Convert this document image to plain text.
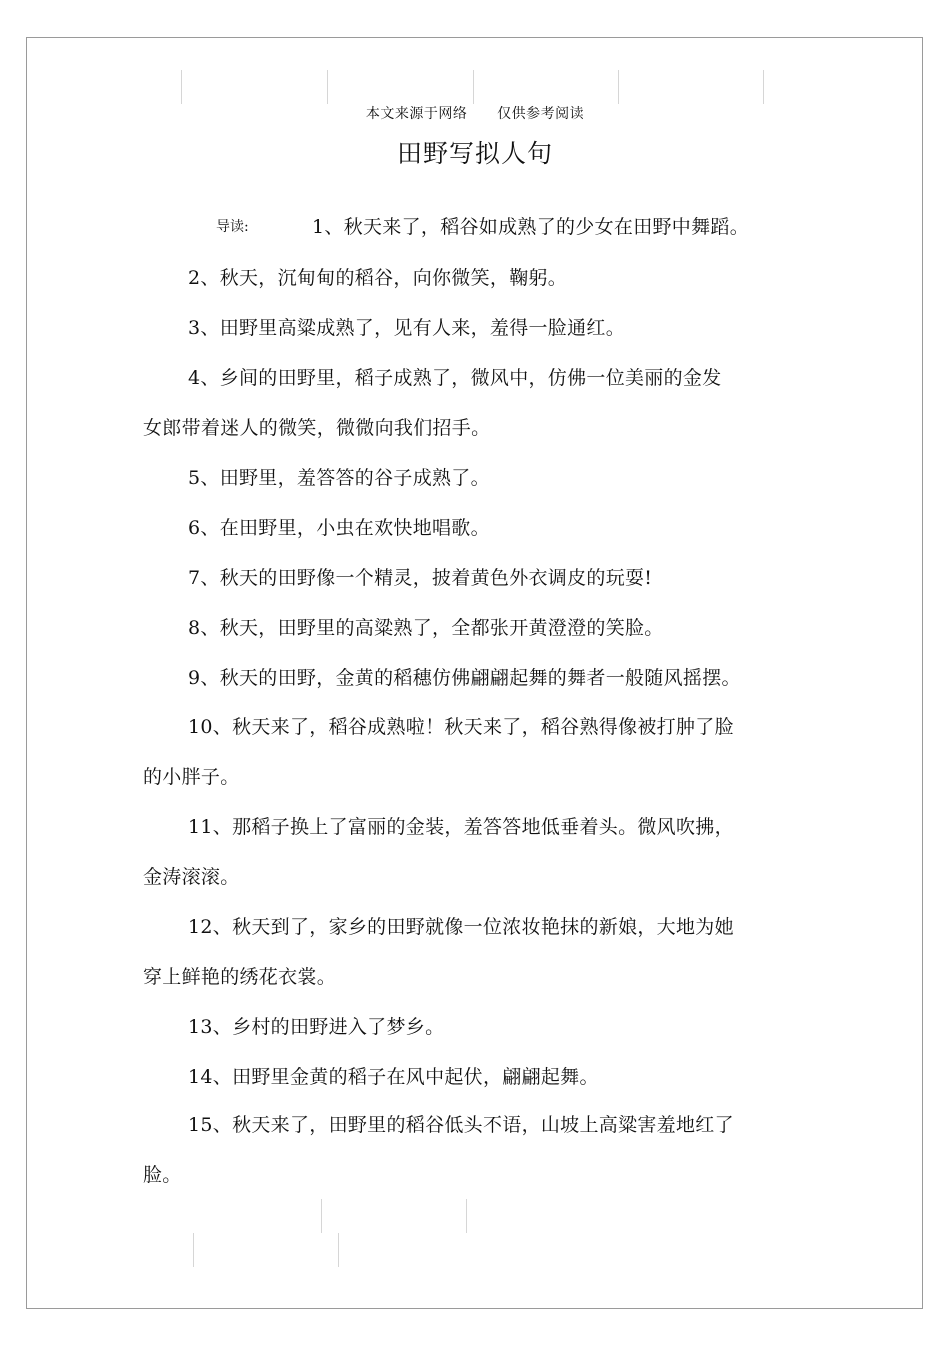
本文来源于网络      仅供参考阅读
田野写拟人句
导读:	1、秋天来了，稻谷如成熟了的少女在田野中舞蹈。
2、秋天，沉甸甸的稻谷，向你微笑，鞠躬。
3、田野里高粱成熟了，见有人来，羞得一脸通红。
4、乡间的田野里，稻子成熟了，微风中，仿佛一位美丽的金发
女郎带着迷人的微笑，微微向我们招手。
5、田野里，羞答答的谷子成熟了。
6、在田野里，小虫在欢快地唱歌。
7、秋天的田野像一个精灵，披着黄色外衣调皮的玩耍!
8、秋天，田野里的高粱熟了，全都张开黄澄澄的笑脸。
9、秋天的田野，金黄的稻穗仿佛翩翩起舞的舞者一般随风摇摆。
10、秋天来了，稻谷成熟啦！秋天来了，稻谷熟得像被打肿了脸
的小胖子。
11、那稻子换上了富丽的金装，羞答答地低垂着头。微风吹拂，
金涛滚滚。
12、秋天到了，家乡的田野就像一位浓妆艳抹的新娘，大地为她
穿上鲜艳的绣花衣裳。
13、乡村的田野进入了梦乡。
14、田野里金黄的稻子在风中起伏，翩翩起舞。
15、秋天来了，田野里的稻谷低头不语，山坡上高粱害羞地红了
脸。
